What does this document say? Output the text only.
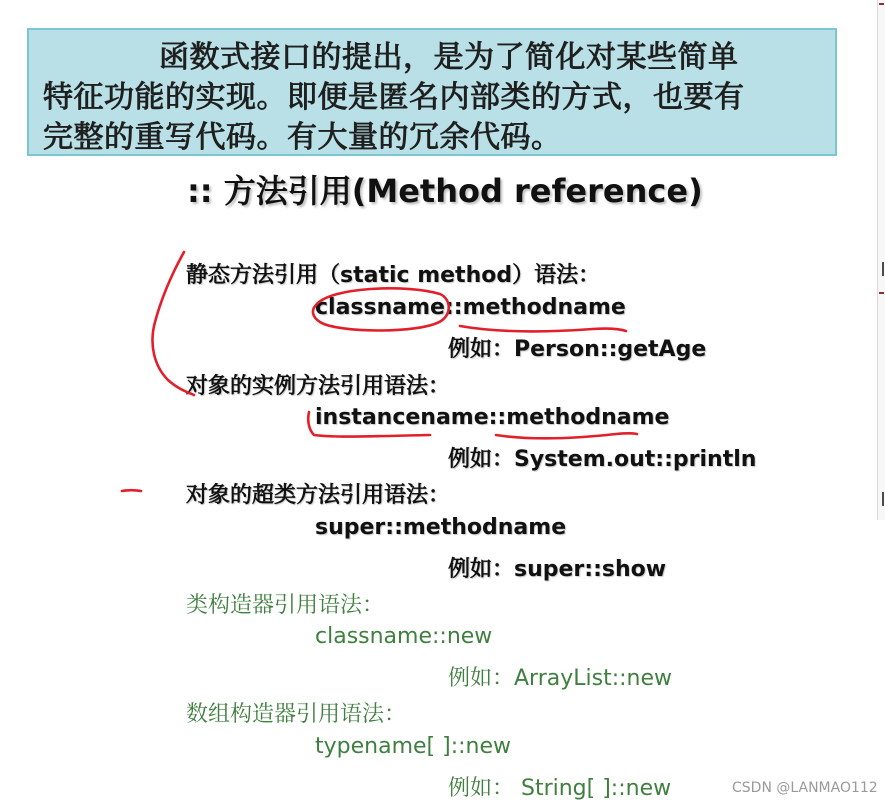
函数式接口的提出，是为了简化对某些简单
特征功能的实现。即便是匿名内部类的方式，也要有
完整的重写代码。有大量的冗余代码。
:: 方法引用(Method reference)
静态方法引用（static method）语法：
classname::methodname
例如：Person::getAge
对象的实例方法引用语法：
instancename::methodname
例如：System.out::println
对象的超类方法引用语法：
super::methodname
例如：super::show
类构造器引用语法：
classname::new
例如：ArrayList::new
数组构造器引用语法：
typename[ ]::new
例如： String[ ]::new	CSDN @LANMAO112
